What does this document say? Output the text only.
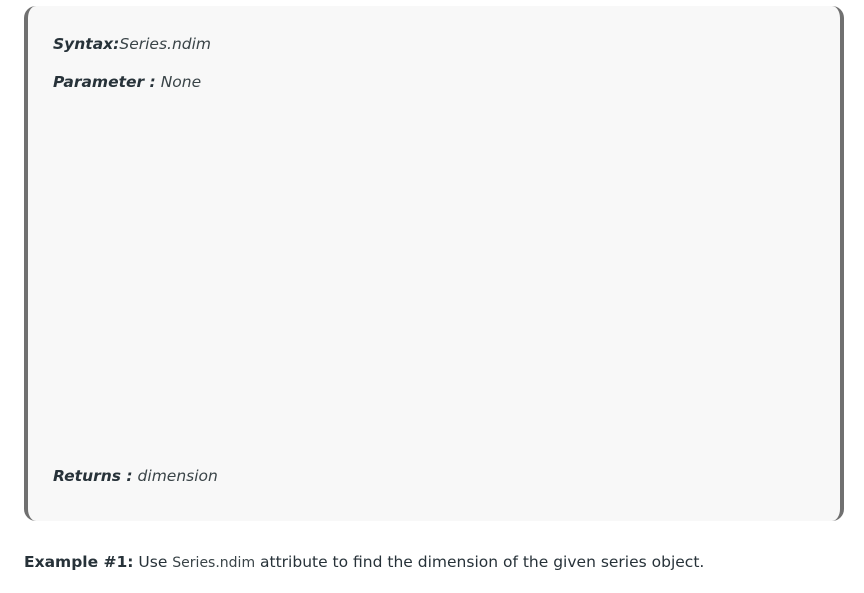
Syntax:Series.ndim
Parameter : None
Returns : dimension
Example #1: Use Series.ndim attribute to find the dimension of the given series object.
